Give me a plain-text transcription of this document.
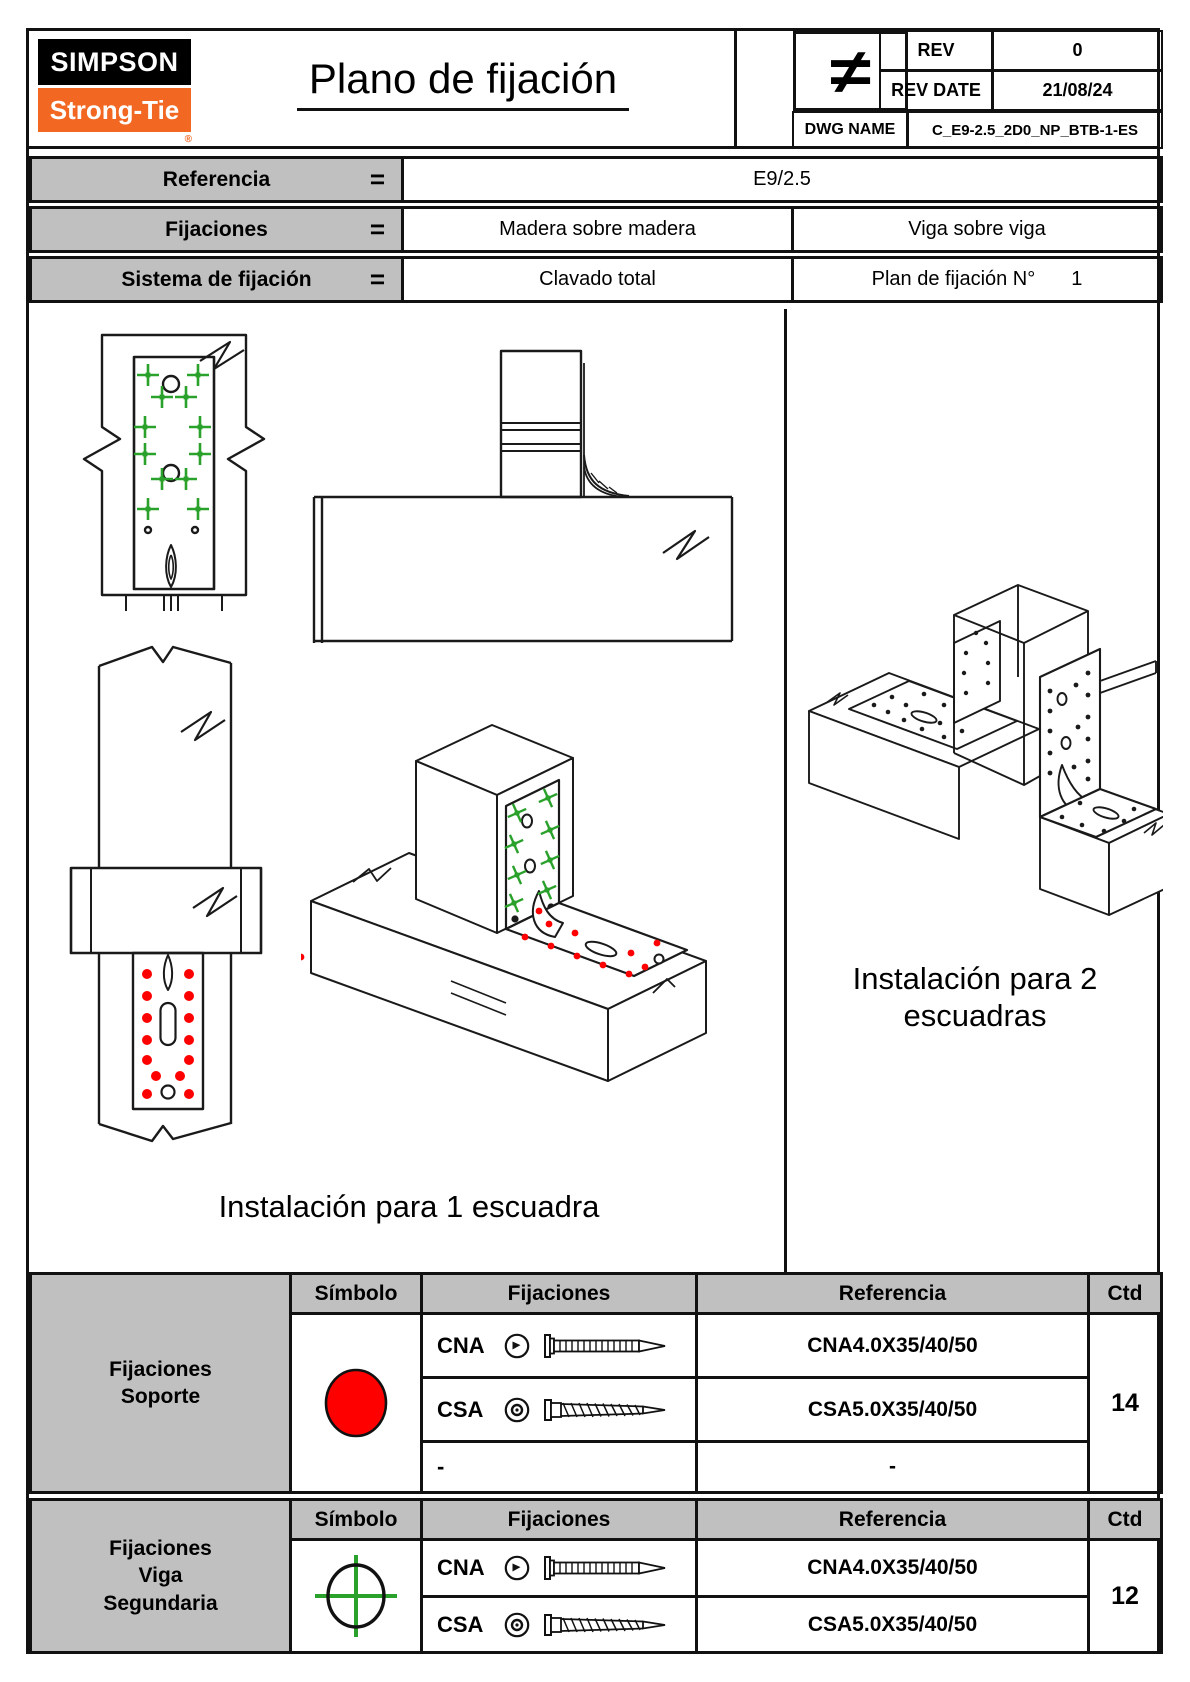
SIMPSON
Strong-Tie
®
Plano de fijación	≠	REV	0
REV DATE	21/08/24
DWG NAME	C_E9-2.5_2D0_NP_BTB-1-ES
Referencia	=	E9/2.5
Fijaciones	=	Madera sobre madera	Viga sobre viga
Sistema de fijación =	Clavado total	Plan de fijación N° 1
Instalación para 1 escuadra
Instalación para 2
escuadras
Fijaciones
Soporte
Símbolo	Fijaciones	Referencia	Ctd
CNA	CNA4.0X35/40/50
CSA	CSA5.0X35/40/50
-	-
14
Fijaciones
Viga
Segundaria
Símbolo	Fijaciones	Referencia	Ctd
CNA	CNA4.0X35/40/50
CSA	CSA5.0X35/40/50
12
